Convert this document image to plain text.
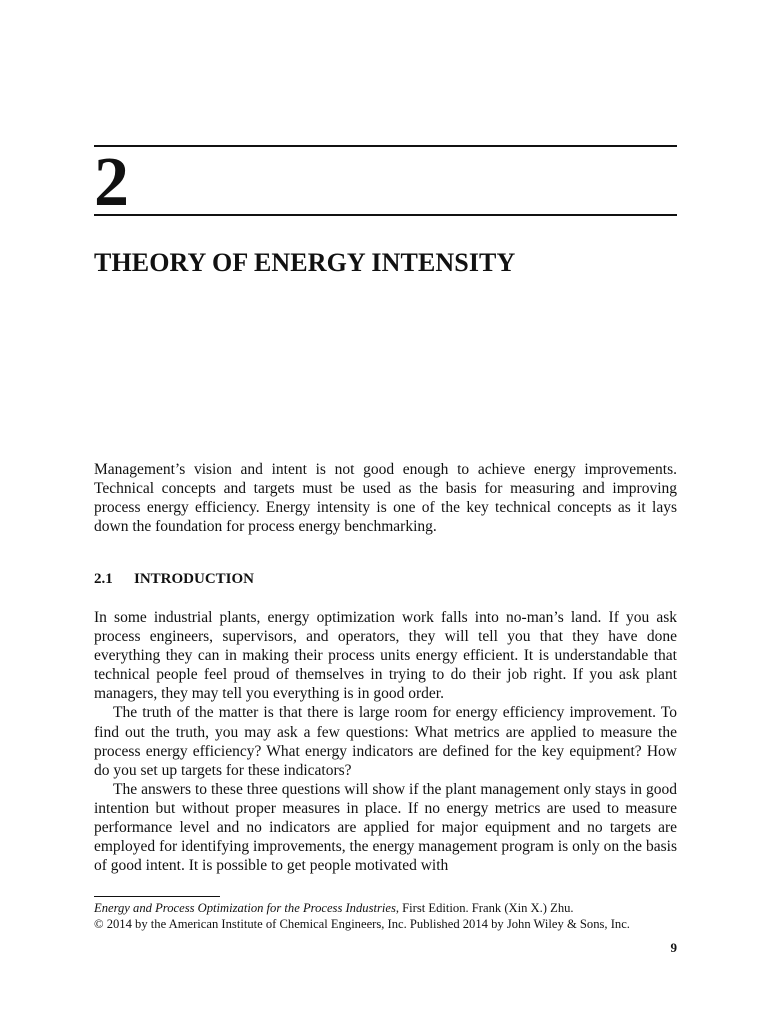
2
THEORY OF ENERGY INTENSITY

Management’s vision and intent is not good enough to achieve energy improvements. Technical concepts and targets must be used as the basis for measuring and improving process energy efficiency. Energy intensity is one of the key technical concepts as it lays down the foundation for process energy benchmarking.

2.1 INTRODUCTION

In some industrial plants, energy optimization work falls into no-man’s land. If you ask process engineers, supervisors, and operators, they will tell you that they have done everything they can in making their process units energy efficient. It is understandable that technical people feel proud of themselves in trying to do their job right. If you ask plant managers, they may tell you everything is in good order.

The truth of the matter is that there is large room for energy efficiency improvement. To find out the truth, you may ask a few questions: What metrics are applied to measure the process energy efficiency? What energy indicators are defined for the key equipment? How do you set up targets for these indicators?

The answers to these three questions will show if the plant management only stays in good intention but without proper measures in place. If no energy metrics are used to measure performance level and no indicators are applied for major equipment and no targets are employed for identifying improvements, the energy management program is only on the basis of good intent. It is possible to get people motivated with

Energy and Process Optimization for the Process Industries, First Edition. Frank (Xin X.) Zhu.
© 2014 by the American Institute of Chemical Engineers, Inc. Published 2014 by John Wiley & Sons, Inc.
9
